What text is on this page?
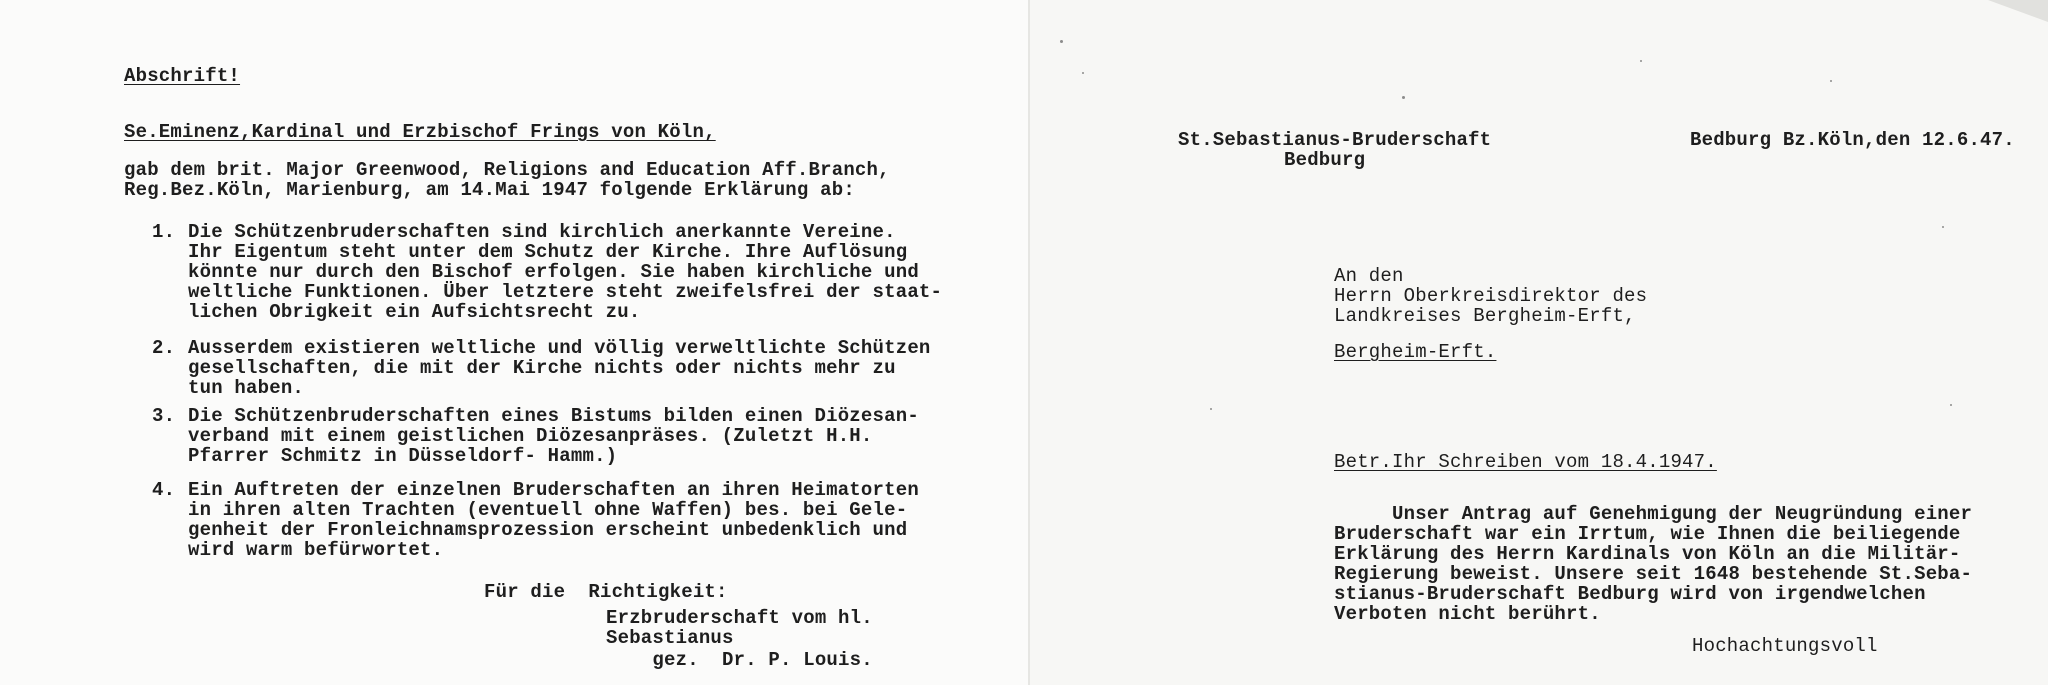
Abschrift!

Se.Eminenz,Kardinal und Erzbischof Frings von Köln,

gab dem brit. Major Greenwood, Religions and Education Aff.Branch,

Reg.Bez.Köln, Marienburg, am 14.Mai 1947 folgende Erklärung ab:

1. Die Schützenbruderschaften sind kirchlich anerkannte Vereine.

Ihr Eigentum steht unter dem Schutz der Kirche. Ihre Auflösung

könnte nur durch den Bischof erfolgen. Sie haben kirchliche und

weltliche Funktionen. Über letztere steht zweifelsfrei der staat-

lichen Obrigkeit ein Aufsichtsrecht zu.

2. Ausserdem existieren weltliche und völlig verweltlichte Schützen

gesellschaften, die mit der Kirche nichts oder nichts mehr zu

tun haben.

3. Die Schützenbruderschaften eines Bistums bilden einen Diözesan-

verband mit einem geistlichen Diözesanpräses. (Zuletzt H.H.

Pfarrer Schmitz in Düsseldorf- Hamm.)

4. Ein Auftreten der einzelnen Bruderschaften an ihren Heimatorten

in ihren alten Trachten (eventuell ohne Waffen) bes. bei Gele-

genheit der Fronleichnamsprozession erscheint unbedenklich und

wird warm befürwortet.

Für die  Richtigkeit:

Erzbruderschaft vom hl.

Sebastianus

gez.  Dr. P. Louis.

St.Sebastianus-Bruderschaft

Bedburg

Bedburg Bz.Köln,den 12.6.47.

An den

Herrn Oberkreisdirektor des

Landkreises Bergheim-Erft,

Bergheim-Erft.

Betr.Ihr Schreiben vom 18.4.1947.

Unser Antrag auf Genehmigung der Neugründung einer

Bruderschaft war ein Irrtum, wie Ihnen die beiliegende

Erklärung des Herrn Kardinals von Köln an die Militär-

Regierung beweist. Unsere seit 1648 bestehende St.Seba-

stianus-Bruderschaft Bedburg wird von irgendwelchen

Verboten nicht berührt.

Hochachtungsvoll
